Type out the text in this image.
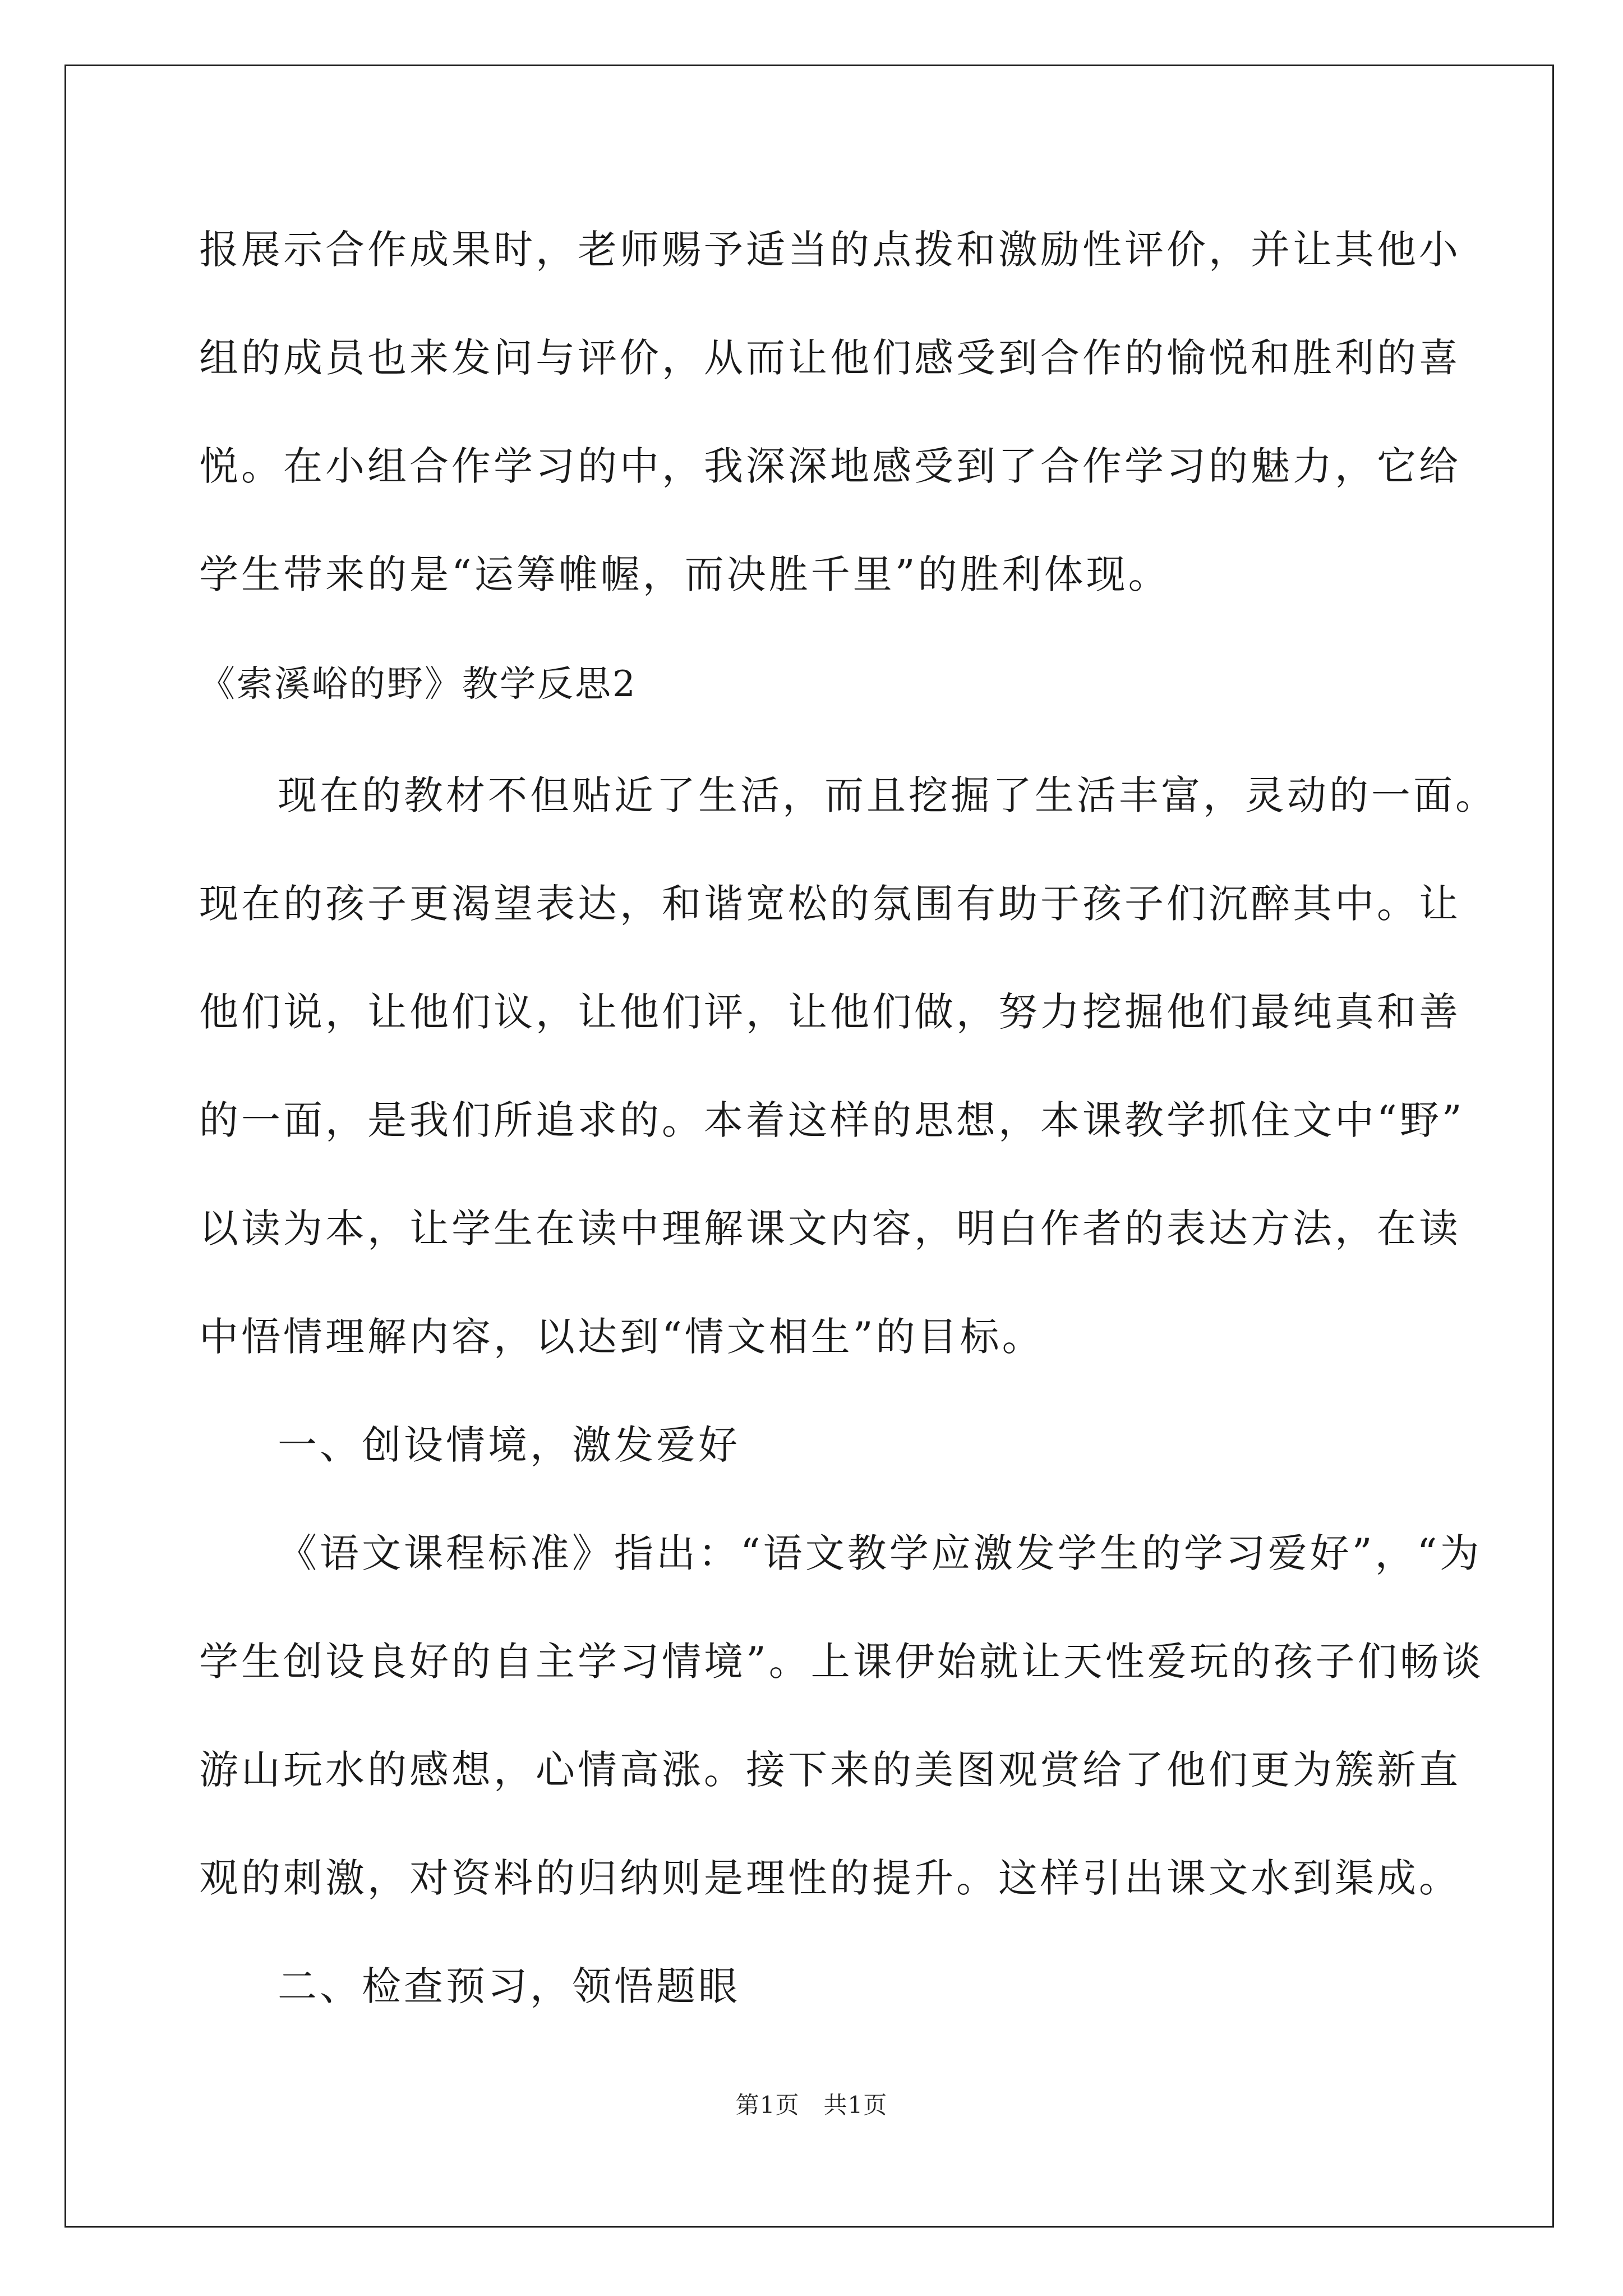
报展示合作成果时，老师赐予适当的点拨和激励性评价，并让其他小
组的成员也来发问与评价，从而让他们感受到合作的愉悦和胜利的喜
悦。在小组合作学习的中，我深深地感受到了合作学习的魅力，它给
学生带来的是“运筹帷幄，而决胜千里”的胜利体现。
《索溪峪的野》教学反思2
现在的教材不但贴近了生活，而且挖掘了生活丰富，灵动的一面。
现在的孩子更渴望表达，和谐宽松的氛围有助于孩子们沉醉其中。让
他们说，让他们议，让他们评，让他们做，努力挖掘他们最纯真和善
的一面，是我们所追求的。本着这样的思想，本课教学抓住文中“野”
以读为本，让学生在读中理解课文内容，明白作者的表达方法，在读
中悟情理解内容，以达到“情文相生”的目标。
一、创设情境，激发爱好
《语文课程标准》指出：“语文教学应激发学生的学习爱好”，“为
学生创设良好的自主学习情境”。上课伊始就让天性爱玩的孩子们畅谈
游山玩水的感想，心情高涨。接下来的美图观赏给了他们更为簇新直
观的刺激，对资料的归纳则是理性的提升。这样引出课文水到渠成。
二、检查预习，领悟题眼
第1页　共1页
